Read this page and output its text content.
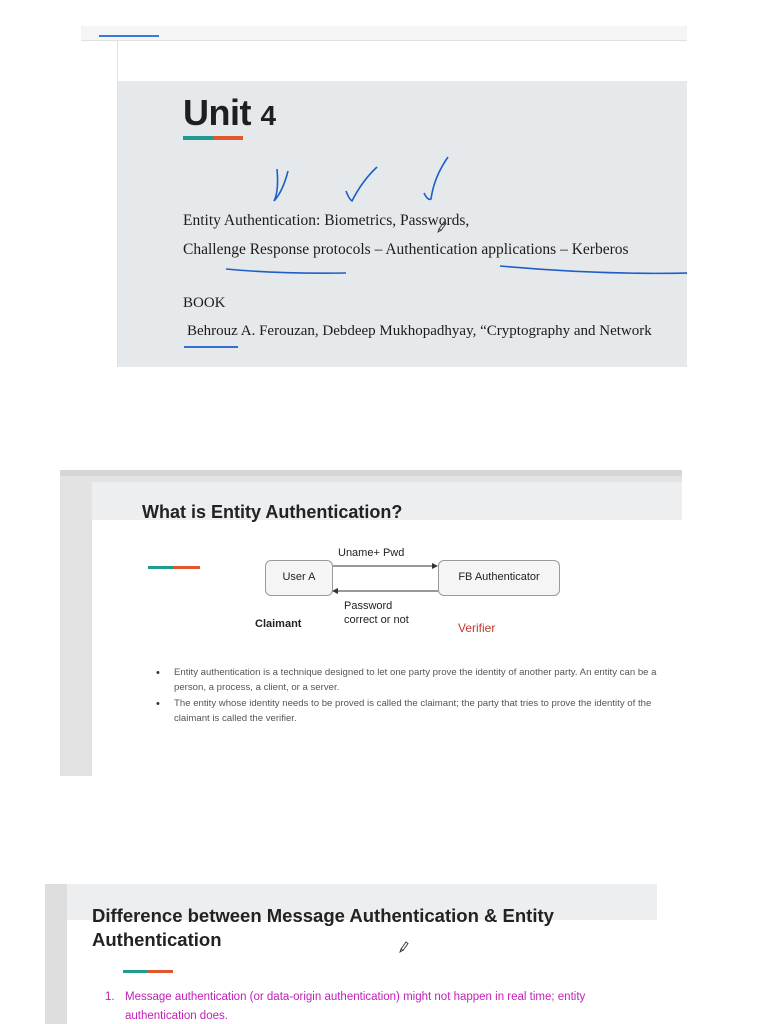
Unit 4
Entity Authentication: Biometrics, Passwords,
Challenge Response protocols – Authentication applications – Kerberos
BOOK
Behrouz A. Ferouzan, Debdeep Mukhopadhyay, “Cryptography and Network
What is Entity Authentication?
User A	FB Authenticator
Uname+ Pwd
Password
correct or not
Claimant	Verifier
• Entity authentication is a technique designed to let one party prove the identity of another party. An entity can be a person, a process, a client, or a server.
• The entity whose identity needs to be proved is called the claimant; the party that tries to prove the identity of the claimant is called the verifier.
Difference between Message Authentication & Entity Authentication
1. Message authentication (or data-origin authentication) might not happen in real time; entity authentication does.
